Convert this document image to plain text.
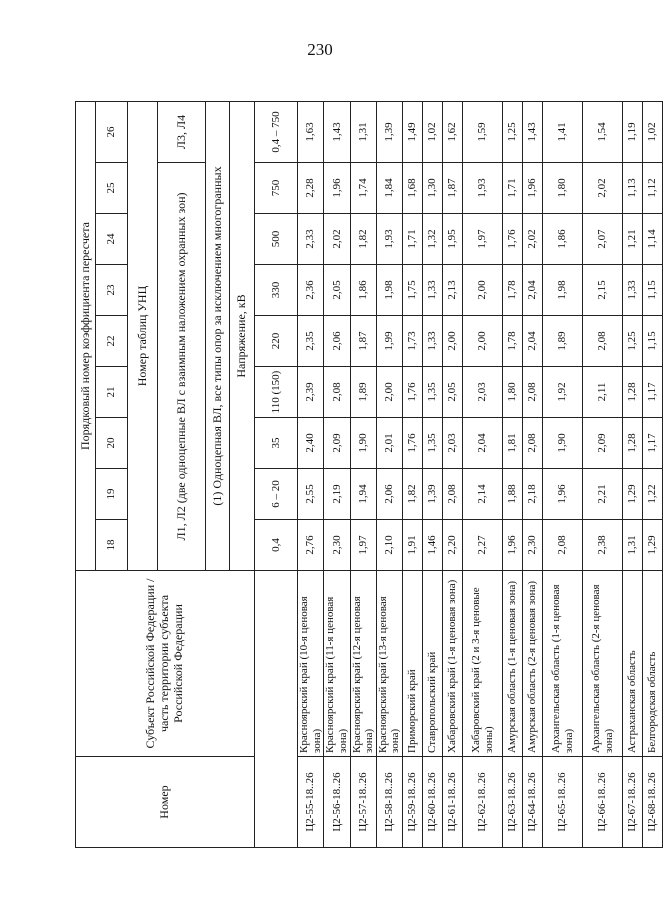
230
Номер	Субъект Российской Федерации / часть территории субъекта Российской Федерации	Порядковый номер коэффициента пересчета								
		18	19	20	21	22	23	24	25	26
		Номер таблиц УНЦ								
		Л1, Л2 (две одноцепные ВЛ с взаимным наложением охранных зон)								Л3, Л4
		(1) Одноцепная ВЛ, все типы опор за исключением многогранных								
		Напряжение, кВ								
		0,4	6 – 20	35	110 (150)	220	330	500	750	0,4 – 750
Ц2-55-18..26	Красноярский край (10-я ценовая зона)	2,76	2,55	2,40	2,39	2,35	2,36	2,33	2,28	1,63
Ц2-56-18..26	Красноярский край (11-я ценовая зона)	2,30	2,19	2,09	2,08	2,06	2,05	2,02	1,96	1,43
Ц2-57-18..26	Красноярский край (12-я ценовая зона)	1,97	1,94	1,90	1,89	1,87	1,86	1,82	1,74	1,31
Ц2-58-18..26	Красноярский край (13-я ценовая зона)	2,10	2,06	2,01	2,00	1,99	1,98	1,93	1,84	1,39
Ц2-59-18..26	Приморский край	1,91	1,82	1,76	1,76	1,73	1,75	1,71	1,68	1,49
Ц2-60-18..26	Ставропольский край	1,46	1,39	1,35	1,35	1,33	1,33	1,32	1,30	1,02
Ц2-61-18..26	Хабаровский край (1-я ценовая зона)	2,20	2,08	2,03	2,05	2,00	2,13	1,95	1,87	1,62
Ц2-62-18..26	Хабаровский край (2 и 3-я ценовые зоны)	2,27	2,14	2,04	2,03	2,00	2,00	1,97	1,93	1,59
Ц2-63-18..26	Амурская область (1-я ценовая зона)	1,96	1,88	1,81	1,80	1,78	1,78	1,76	1,71	1,25
Ц2-64-18..26	Амурская область (2-я ценовая зона)	2,30	2,18	2,08	2,08	2,04	2,04	2,02	1,96	1,43
Ц2-65-18..26	Архангельская область (1-я ценовая зона)	2,08	1,96	1,90	1,92	1,89	1,98	1,86	1,80	1,41
Ц2-66-18..26	Архангельская область (2-я ценовая зона)	2,38	2,21	2,09	2,11	2,08	2,15	2,07	2,02	1,54
Ц2-67-18..26	Астраханская область	1,31	1,29	1,28	1,28	1,25	1,33	1,21	1,13	1,19
Ц2-68-18..26	Белгородская область	1,29	1,22	1,17	1,17	1,15	1,15	1,14	1,12	1,02
